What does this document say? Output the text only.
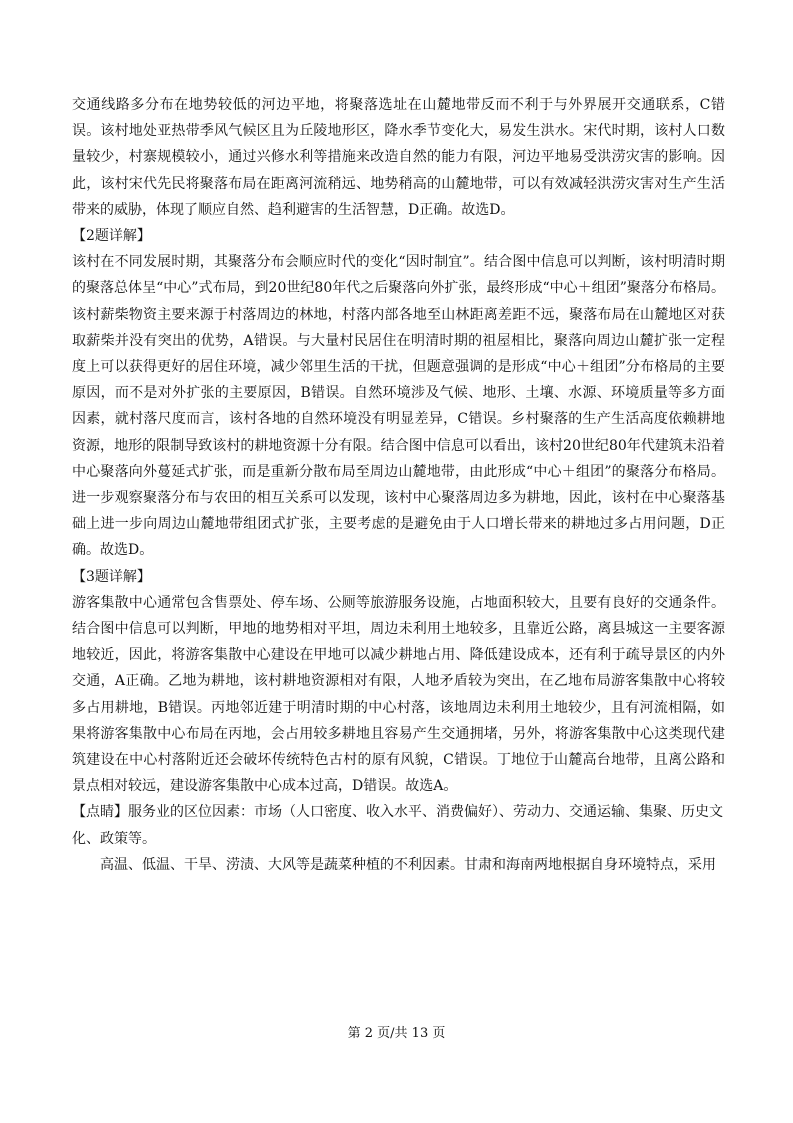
交通线路多分布在地势较低的河边平地，将聚落选址在山麓地带反而不利于与外界展开交通联系，C错误。该村地处亚热带季风气候区且为丘陵地形区，降水季节变化大，易发生洪水。宋代时期，该村人口数量较少，村寨规模较小，通过兴修水利等措施来改造自然的能力有限，河边平地易受洪涝灾害的影响。因此，该村宋代先民将聚落布局在距离河流稍远、地势稍高的山麓地带，可以有效减轻洪涝灾害对生产生活带来的威胁，体现了顺应自然、趋利避害的生活智慧，D正确。故选D。

【2题详解】

该村在不同发展时期，其聚落分布会顺应时代的变化“因时制宜”。结合图中信息可以判断，该村明清时期的聚落总体呈“中心”式布局，到20世纪80年代之后聚落向外扩张，最终形成“中心＋组团”聚落分布格局。该村薪柴物资主要来源于村落周边的林地，村落内部各地至山林距离差距不远，聚落布局在山麓地区对获取薪柴并没有突出的优势，A错误。与大量村民居住在明清时期的祖屋相比，聚落向周边山麓扩张一定程度上可以获得更好的居住环境，减少邻里生活的干扰，但题意强调的是形成“中心＋组团”分布格局的主要原因，而不是对外扩张的主要原因，B错误。自然环境涉及气候、地形、土壤、水源、环境质量等多方面因素，就村落尺度而言，该村各地的自然环境没有明显差异，C错误。乡村聚落的生产生活高度依赖耕地资源，地形的限制导致该村的耕地资源十分有限。结合图中信息可以看出，该村20世纪80年代建筑未沿着中心聚落向外蔓延式扩张，而是重新分散布局至周边山麓地带，由此形成“中心＋组团”的聚落分布格局。进一步观察聚落分布与农田的相互关系可以发现，该村中心聚落周边多为耕地，因此，该村在中心聚落基础上进一步向周边山麓地带组团式扩张，主要考虑的是避免由于人口增长带来的耕地过多占用问题，D正确。故选D。

【3题详解】

游客集散中心通常包含售票处、停车场、公厕等旅游服务设施，占地面积较大，且要有良好的交通条件。结合图中信息可以判断，甲地的地势相对平坦，周边未利用土地较多，且靠近公路，离县城这一主要客源地较近，因此，将游客集散中心建设在甲地可以减少耕地占用、降低建设成本，还有利于疏导景区的内外交通，A正确。乙地为耕地，该村耕地资源相对有限，人地矛盾较为突出，在乙地布局游客集散中心将较多占用耕地，B错误。丙地邻近建于明清时期的中心村落，该地周边未利用土地较少，且有河流相隔，如果将游客集散中心布局在丙地，会占用较多耕地且容易产生交通拥堵，另外，将游客集散中心这类现代建筑建设在中心村落附近还会破坏传统特色古村的原有风貌，C错误。丁地位于山麓高台地带，且离公路和景点相对较远，建设游客集散中心成本过高，D错误。故选A。

【点睛】服务业的区位因素：市场（人口密度、收入水平、消费偏好）、劳动力、交通运输、集聚、历史文化、政策等。

高温、低温、干旱、涝渍、大风等是蔬菜种植的不利因素。甘肃和海南两地根据自身环境特点，采用

第 2 页/共 13 页
